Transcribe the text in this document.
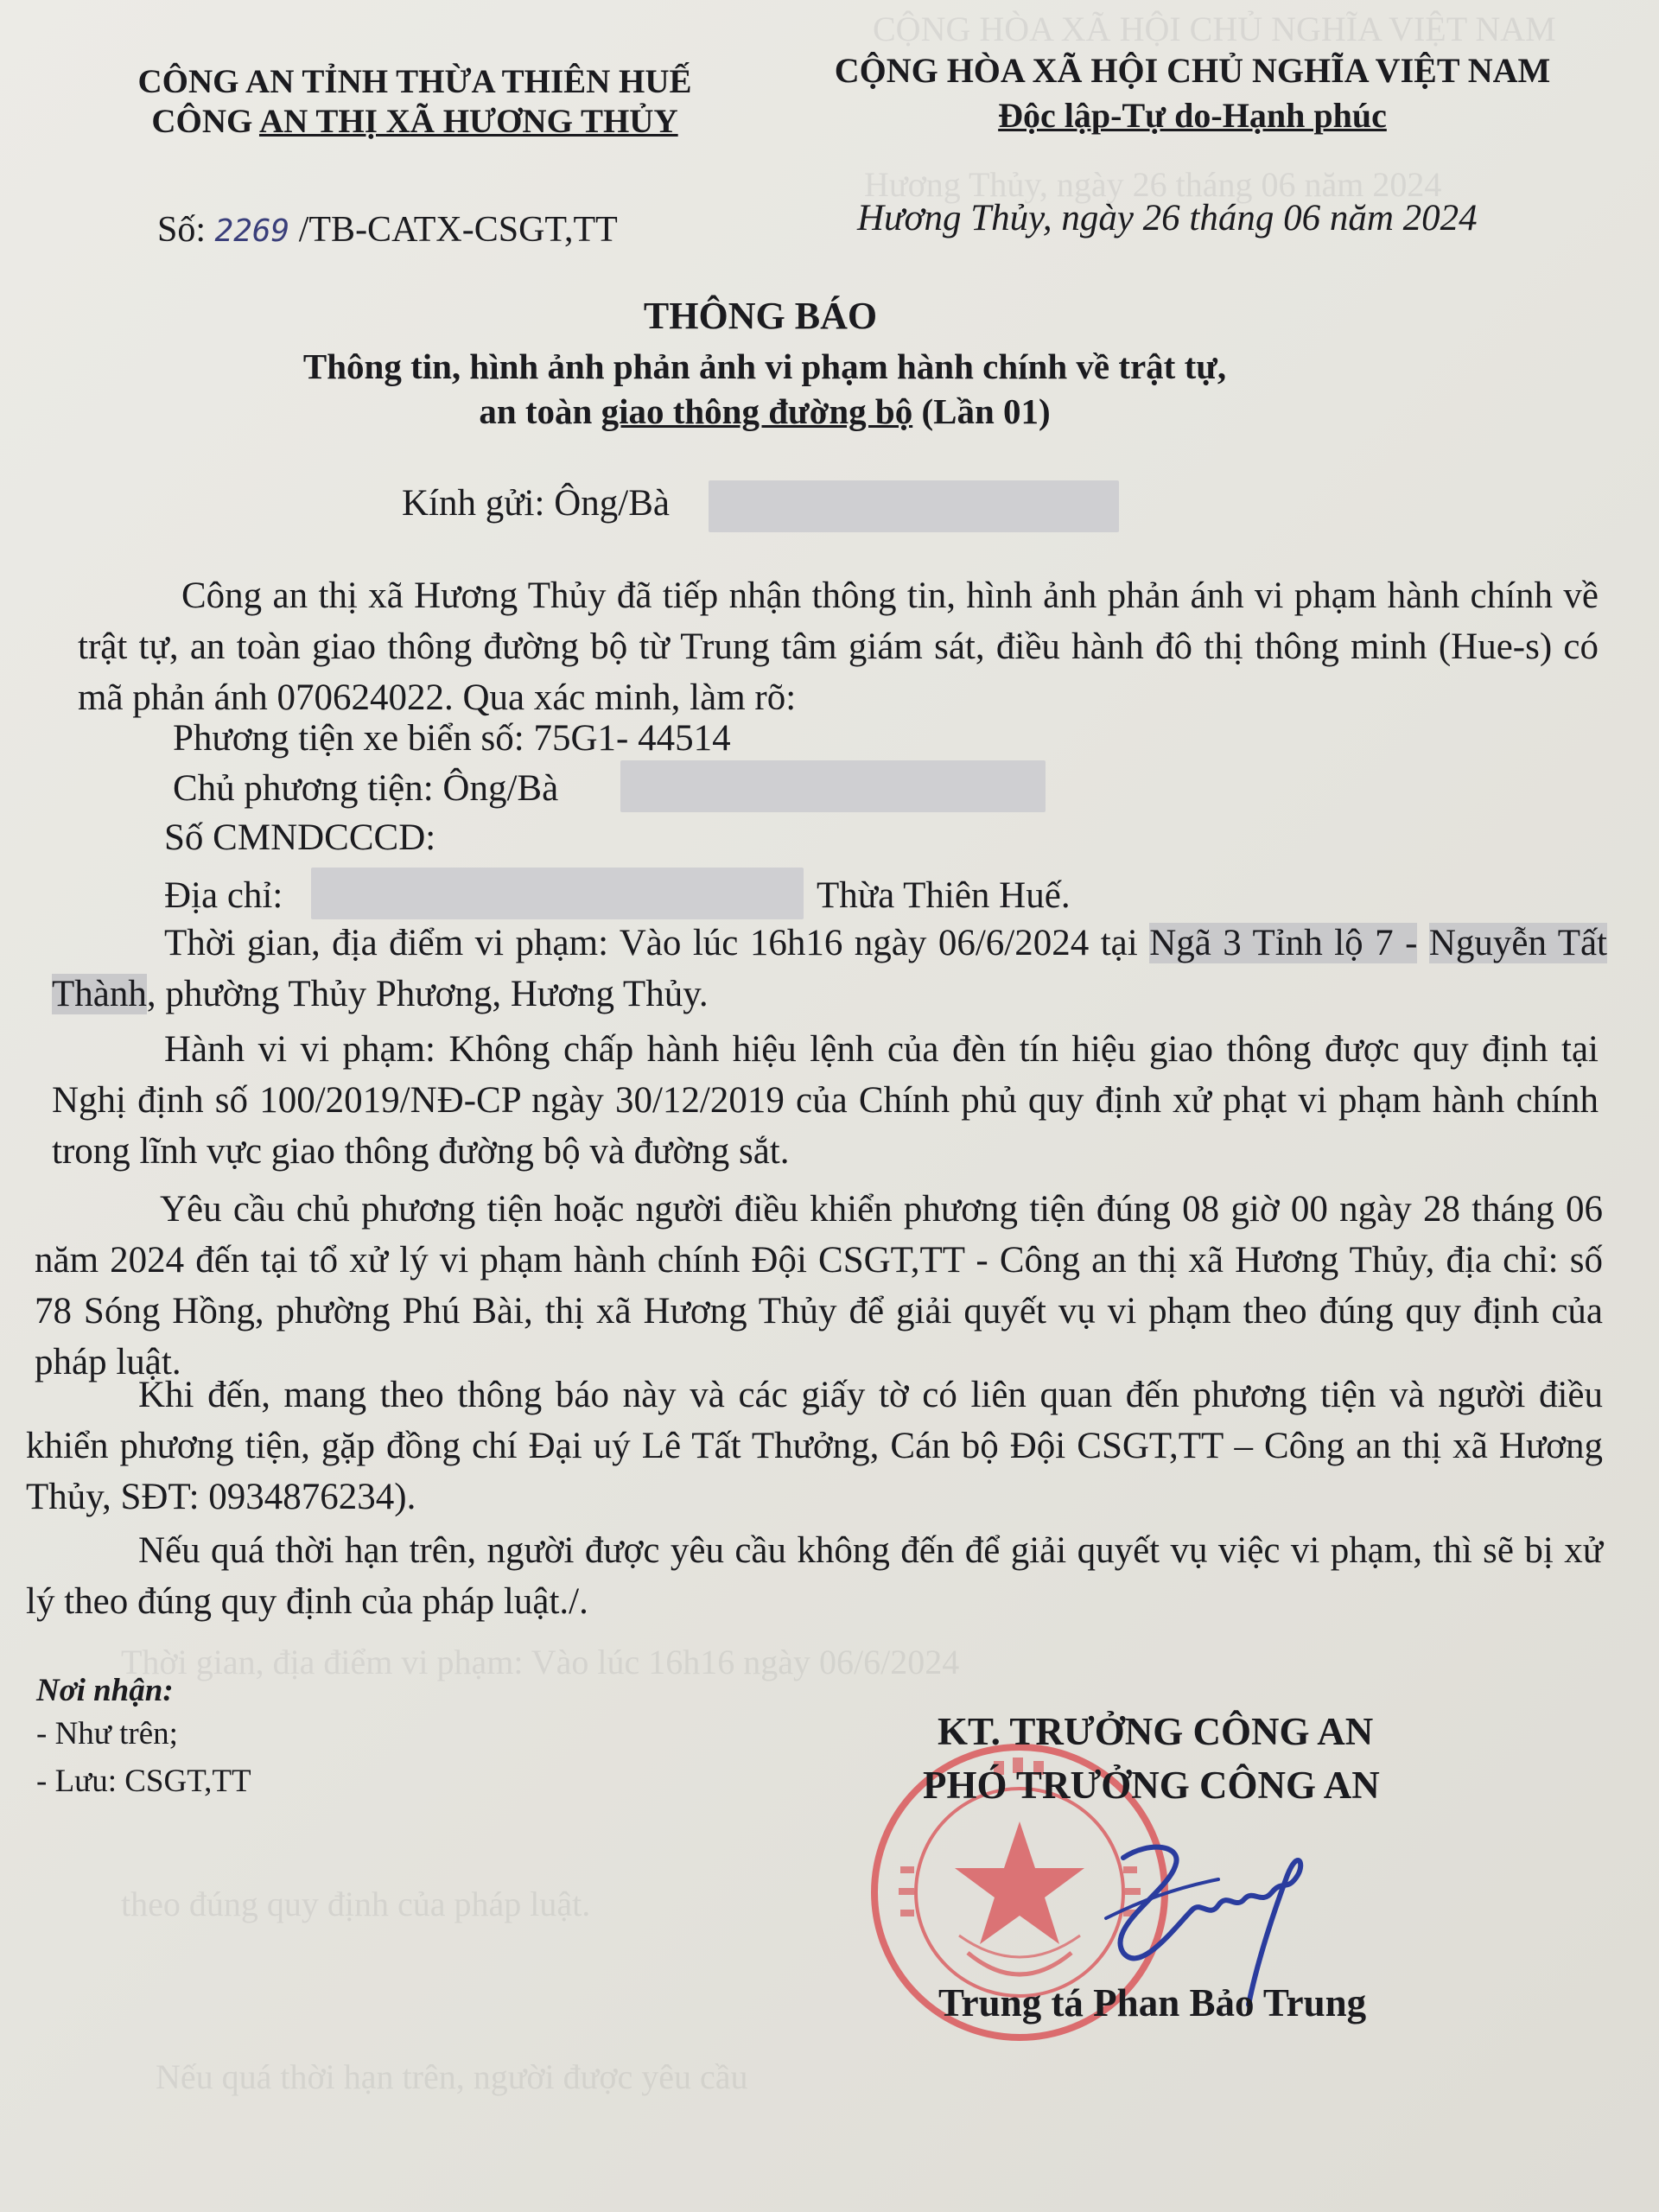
CỘNG HÒA XÃ HỘI CHỦ NGHĨA VIỆT NAM
Hương Thủy, ngày 26 tháng 06 năm 2024
Thời gian, địa điểm vi phạm: Vào lúc 16h16 ngày 06/6/2024
theo đúng quy định của pháp luật.
Nếu quá thời hạn trên, người được yêu cầu
CÔNG AN TỈNH THỪA THIÊN HUẾ
CÔNG AN THỊ XÃ HƯƠNG THỦY
CỘNG HÒA XÃ HỘI CHỦ NGHĨA VIỆT NAM
Độc lập-Tự do-Hạnh phúc
Số: 2269 /TB-CATX-CSGT,TT	Hương Thủy, ngày 26 tháng 06 năm 2024
THÔNG BÁO
Thông tin, hình ảnh phản ảnh vi phạm hành chính về trật tự,
an toàn giao thông đường bộ (Lần 01)
Kính gửi: Ông/Bà
Công an thị xã Hương Thủy đã tiếp nhận thông tin, hình ảnh phản ánh vi phạm hành chính về trật tự, an toàn giao thông đường bộ từ Trung tâm giám sát, điều hành đô thị thông minh (Hue-s) có mã phản ánh 070624022. Qua xác minh, làm rõ:
Phương tiện xe biển số: 75G1- 44514
Chủ phương tiện: Ông/Bà
Số CMNDCCCD:
Địa chỉ:	Thừa Thiên Huế.
Thời gian, địa điểm vi phạm: Vào lúc 16h16 ngày 06/6/2024 tại Ngã 3 Tỉnh lộ 7 - Nguyễn Tất Thành, phường Thủy Phương, Hương Thủy.
Hành vi vi phạm: Không chấp hành hiệu lệnh của đèn tín hiệu giao thông được quy định tại Nghị định số 100/2019/NĐ-CP ngày 30/12/2019 của Chính phủ quy định xử phạt vi phạm hành chính trong lĩnh vực giao thông đường bộ và đường sắt.
Yêu cầu chủ phương tiện hoặc người điều khiển phương tiện đúng 08 giờ 00 ngày 28 tháng 06 năm 2024 đến tại tổ xử lý vi phạm hành chính Đội CSGT,TT - Công an thị xã Hương Thủy, địa chỉ: số 78 Sóng Hồng, phường Phú Bài, thị xã Hương Thủy để giải quyết vụ vi phạm theo đúng quy định của pháp luật.
Khi đến, mang theo thông báo này và các giấy tờ có liên quan đến phương tiện và người điều khiển phương tiện, gặp đồng chí Đại uý Lê Tất Thưởng, Cán bộ Đội CSGT,TT – Công an thị xã Hương Thủy, SĐT: 0934876234).
Nếu quá thời hạn trên, người được yêu cầu không đến để giải quyết vụ việc vi phạm, thì sẽ bị xử lý theo đúng quy định của pháp luật./.
Nơi nhận:
- Như trên;
- Lưu: CSGT,TT
KT. TRƯỞNG CÔNG AN
PHÓ TRƯỞNG CÔNG AN
Trung tá Phan Bảo Trung
